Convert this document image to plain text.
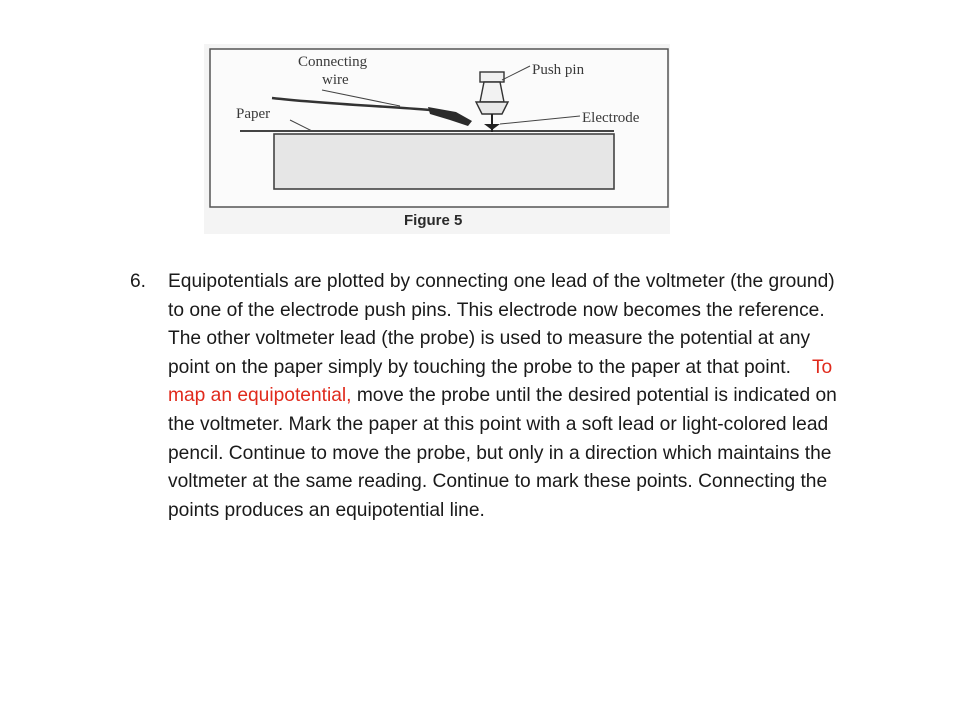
Connecting
wire
Push pin
Paper	Electrode
Figure 5
6.	Equipotentials are plotted by connecting one lead of the voltmeter (the ground) to one of the electrode push pins. This electrode now becomes the reference. The other voltmeter lead (the probe) is used to measure the potential at any point on the paper simply by touching the probe to the paper at that point.    To map an equipotential, move the probe until the desired potential is indicated on the voltmeter. Mark the paper at this point with a soft lead or light-colored lead pencil. Continue to move the probe, but only in a direction which maintains the voltmeter at the same reading. Continue to mark these points. Connecting the points produces an equipotential line.
